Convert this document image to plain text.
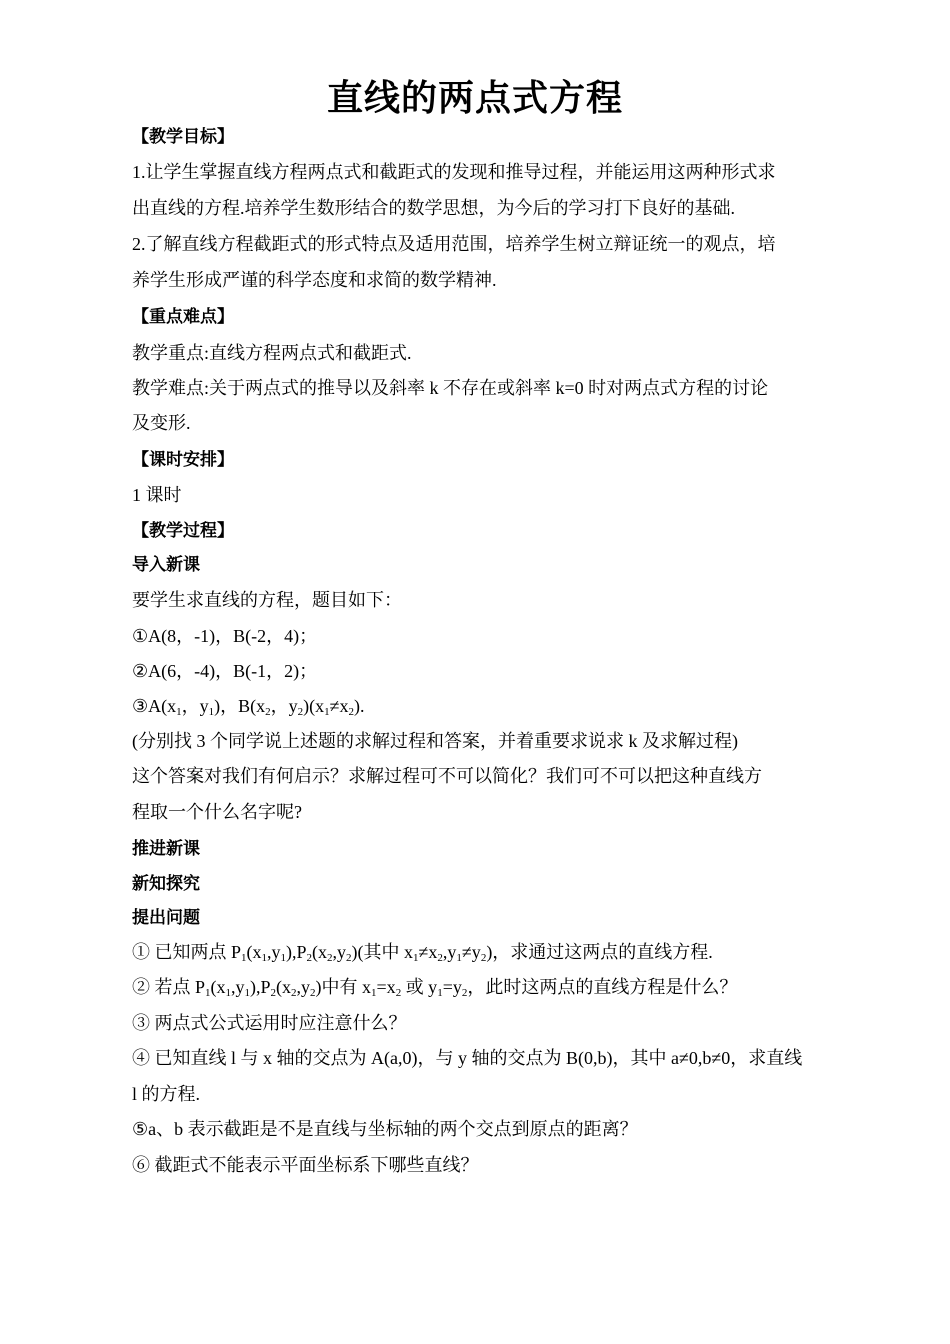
直线的两点式方程
【教学目标】
1.让学生掌握直线方程两点式和截距式的发现和推导过程，并能运用这两种形式求
出直线的方程.培养学生数形结合的数学思想，为今后的学习打下良好的基础.
2.了解直线方程截距式的形式特点及适用范围，培养学生树立辩证统一的观点，培
养学生形成严谨的科学态度和求简的数学精神.
【重点难点】
教学重点:直线方程两点式和截距式.
教学难点:关于两点式的推导以及斜率 k 不存在或斜率 k=0 时对两点式方程的讨论
及变形.
【课时安排】
1 课时
【教学过程】
导入新课
要学生求直线的方程，题目如下：
①A(8，-1)，B(-2，4)；
②A(6，-4)，B(-1，2)；
$③A(x_1$，$y_1$)，$B(x_2$，$y_2)(x_1\ne x_2)$.
(分别找 3 个同学说上述题的求解过程和答案，并着重要求说求 k 及求解过程)
这个答案对我们有何启示？求解过程可不可以简化？我们可不可以把这种直线方
程取一个什么名字呢?
推进新课
新知探究
提出问题
① 已知两点 $P_1(x_1,y_1),P_2(x_2,y_2)$(其中 $x_1\ne x_2,y_1\ne y_2$)，求通过这两点的直线方程.
② 若点 $P_1(x_1,y_1),P_2(x_2,y_2)$中有 $x_1=x_2$ 或 $y_1=y_2$，此时这两点的直线方程是什么？
③ 两点式公式运用时应注意什么？
④ 已知直线 l 与 x 轴的交点为 A(a,0)，与 y 轴的交点为 B(0,b)，其中 a≠0,b≠0，求直线
l 的方程.
⑤a、b 表示截距是不是直线与坐标轴的两个交点到原点的距离？
⑥ 截距式不能表示平面坐标系下哪些直线？
